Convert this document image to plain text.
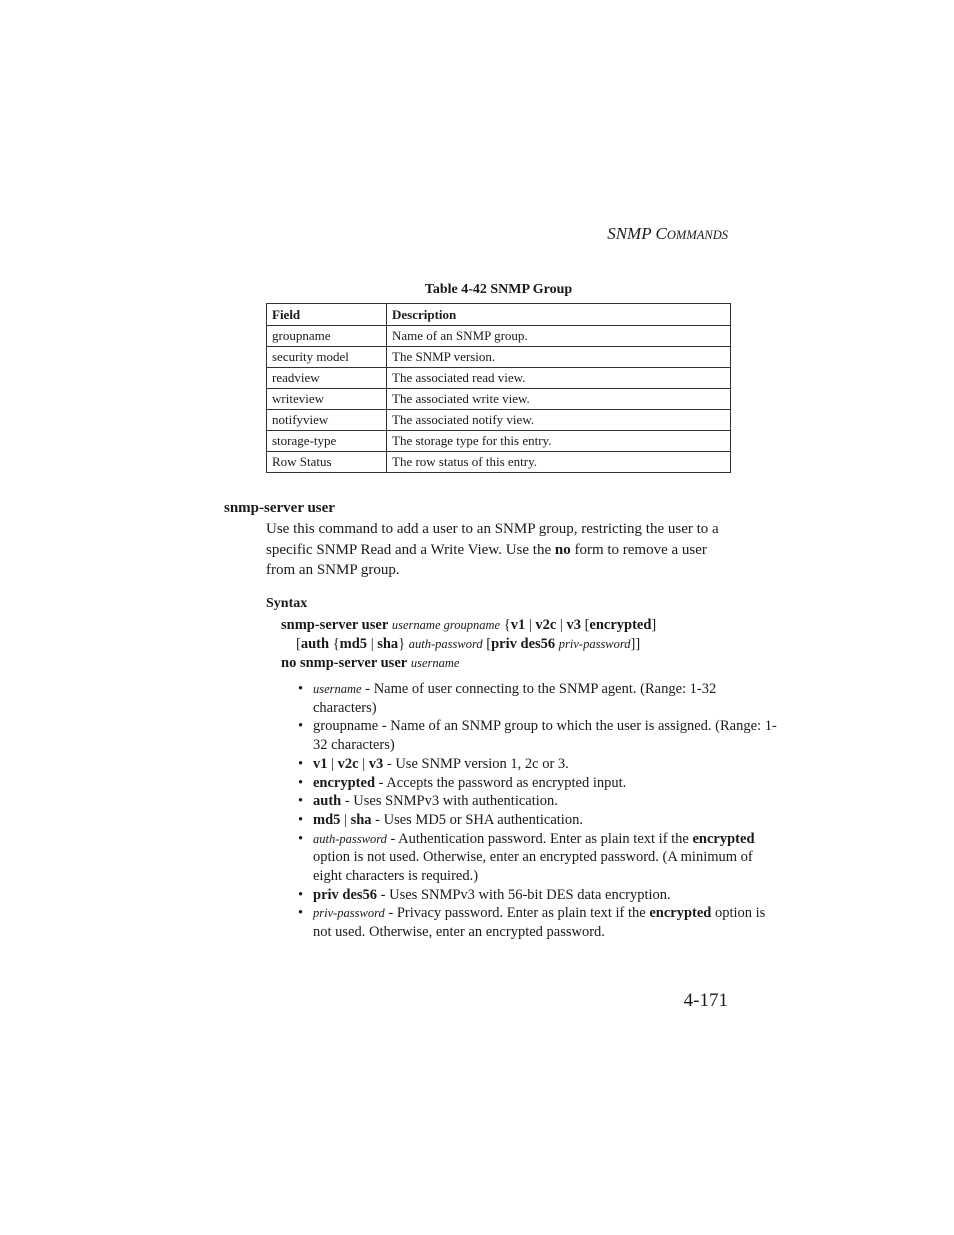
SNMP COMMANDS
Table 4-42 SNMP Group
Field	Description
groupname	Name of an SNMP group.
security model	The SNMP version.
readview	The associated read view.
writeview	The associated write view.
notifyview	The associated notify view.
storage-type	The storage type for this entry.
Row Status	The row status of this entry.
snmp-server user
Use this command to add a user to an SNMP group, restricting the user to a specific SNMP Read and a Write View. Use the no form to remove a user from an SNMP group.
Syntax
snmp-server user username groupname {v1 | v2c | v3 [encrypted]
[auth {md5 | sha} auth-password [priv des56 priv-password]]
no snmp-server user username
• username - Name of user connecting to the SNMP agent. (Range: 1-32 characters)
• groupname - Name of an SNMP group to which the user is assigned. (Range: 1-32 characters)
• v1 | v2c | v3 - Use SNMP version 1, 2c or 3.
• encrypted - Accepts the password as encrypted input.
• auth - Uses SNMPv3 with authentication.
• md5 | sha - Uses MD5 or SHA authentication.
• auth-password - Authentication password. Enter as plain text if the encrypted option is not used. Otherwise, enter an encrypted password. (A minimum of eight characters is required.)
• priv des56 - Uses SNMPv3 with 56-bit DES data encryption.
• priv-password - Privacy password. Enter as plain text if the encrypted option is not used. Otherwise, enter an encrypted password.
4-171
